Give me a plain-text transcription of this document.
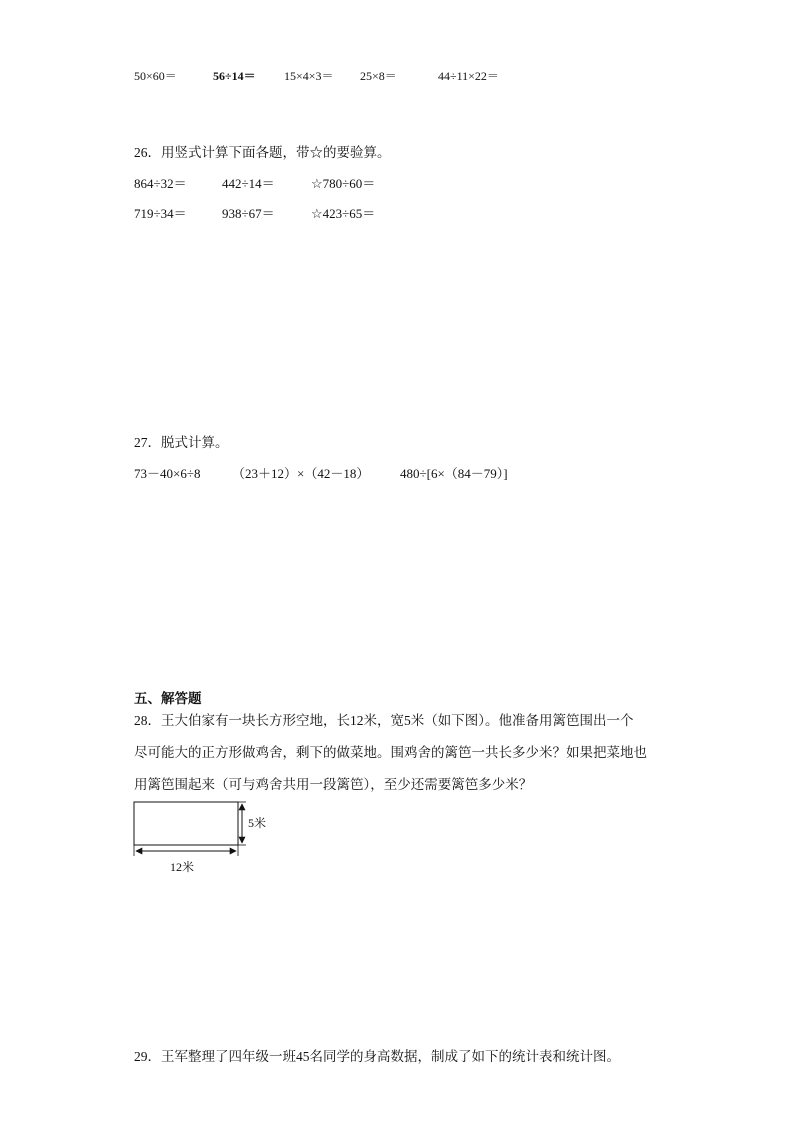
50×60＝	56÷14＝ 15×4×3＝ 25×8＝	44÷11×22＝
26．用竖式计算下面各题，带☆的要验算。
864÷32＝	442÷14＝	☆780÷60＝
719÷34＝	938÷67＝	☆423÷65＝
27．脱式计算。
73－40×6÷8 （23＋12）×（42－18） 480÷[6×（84－79）]
五、解答题
28．王大伯家有一块长方形空地，长12米，宽5米（如下图）。他准备用篱笆围出一个
尽可能大的正方形做鸡舍，剩下的做菜地。围鸡舍的篱笆一共长多少米？如果把菜地也
用篱笆围起来（可与鸡舍共用一段篱笆），至少还需要篱笆多少米？
5米
12米
29．王军整理了四年级一班45名同学的身高数据，制成了如下的统计表和统计图。
